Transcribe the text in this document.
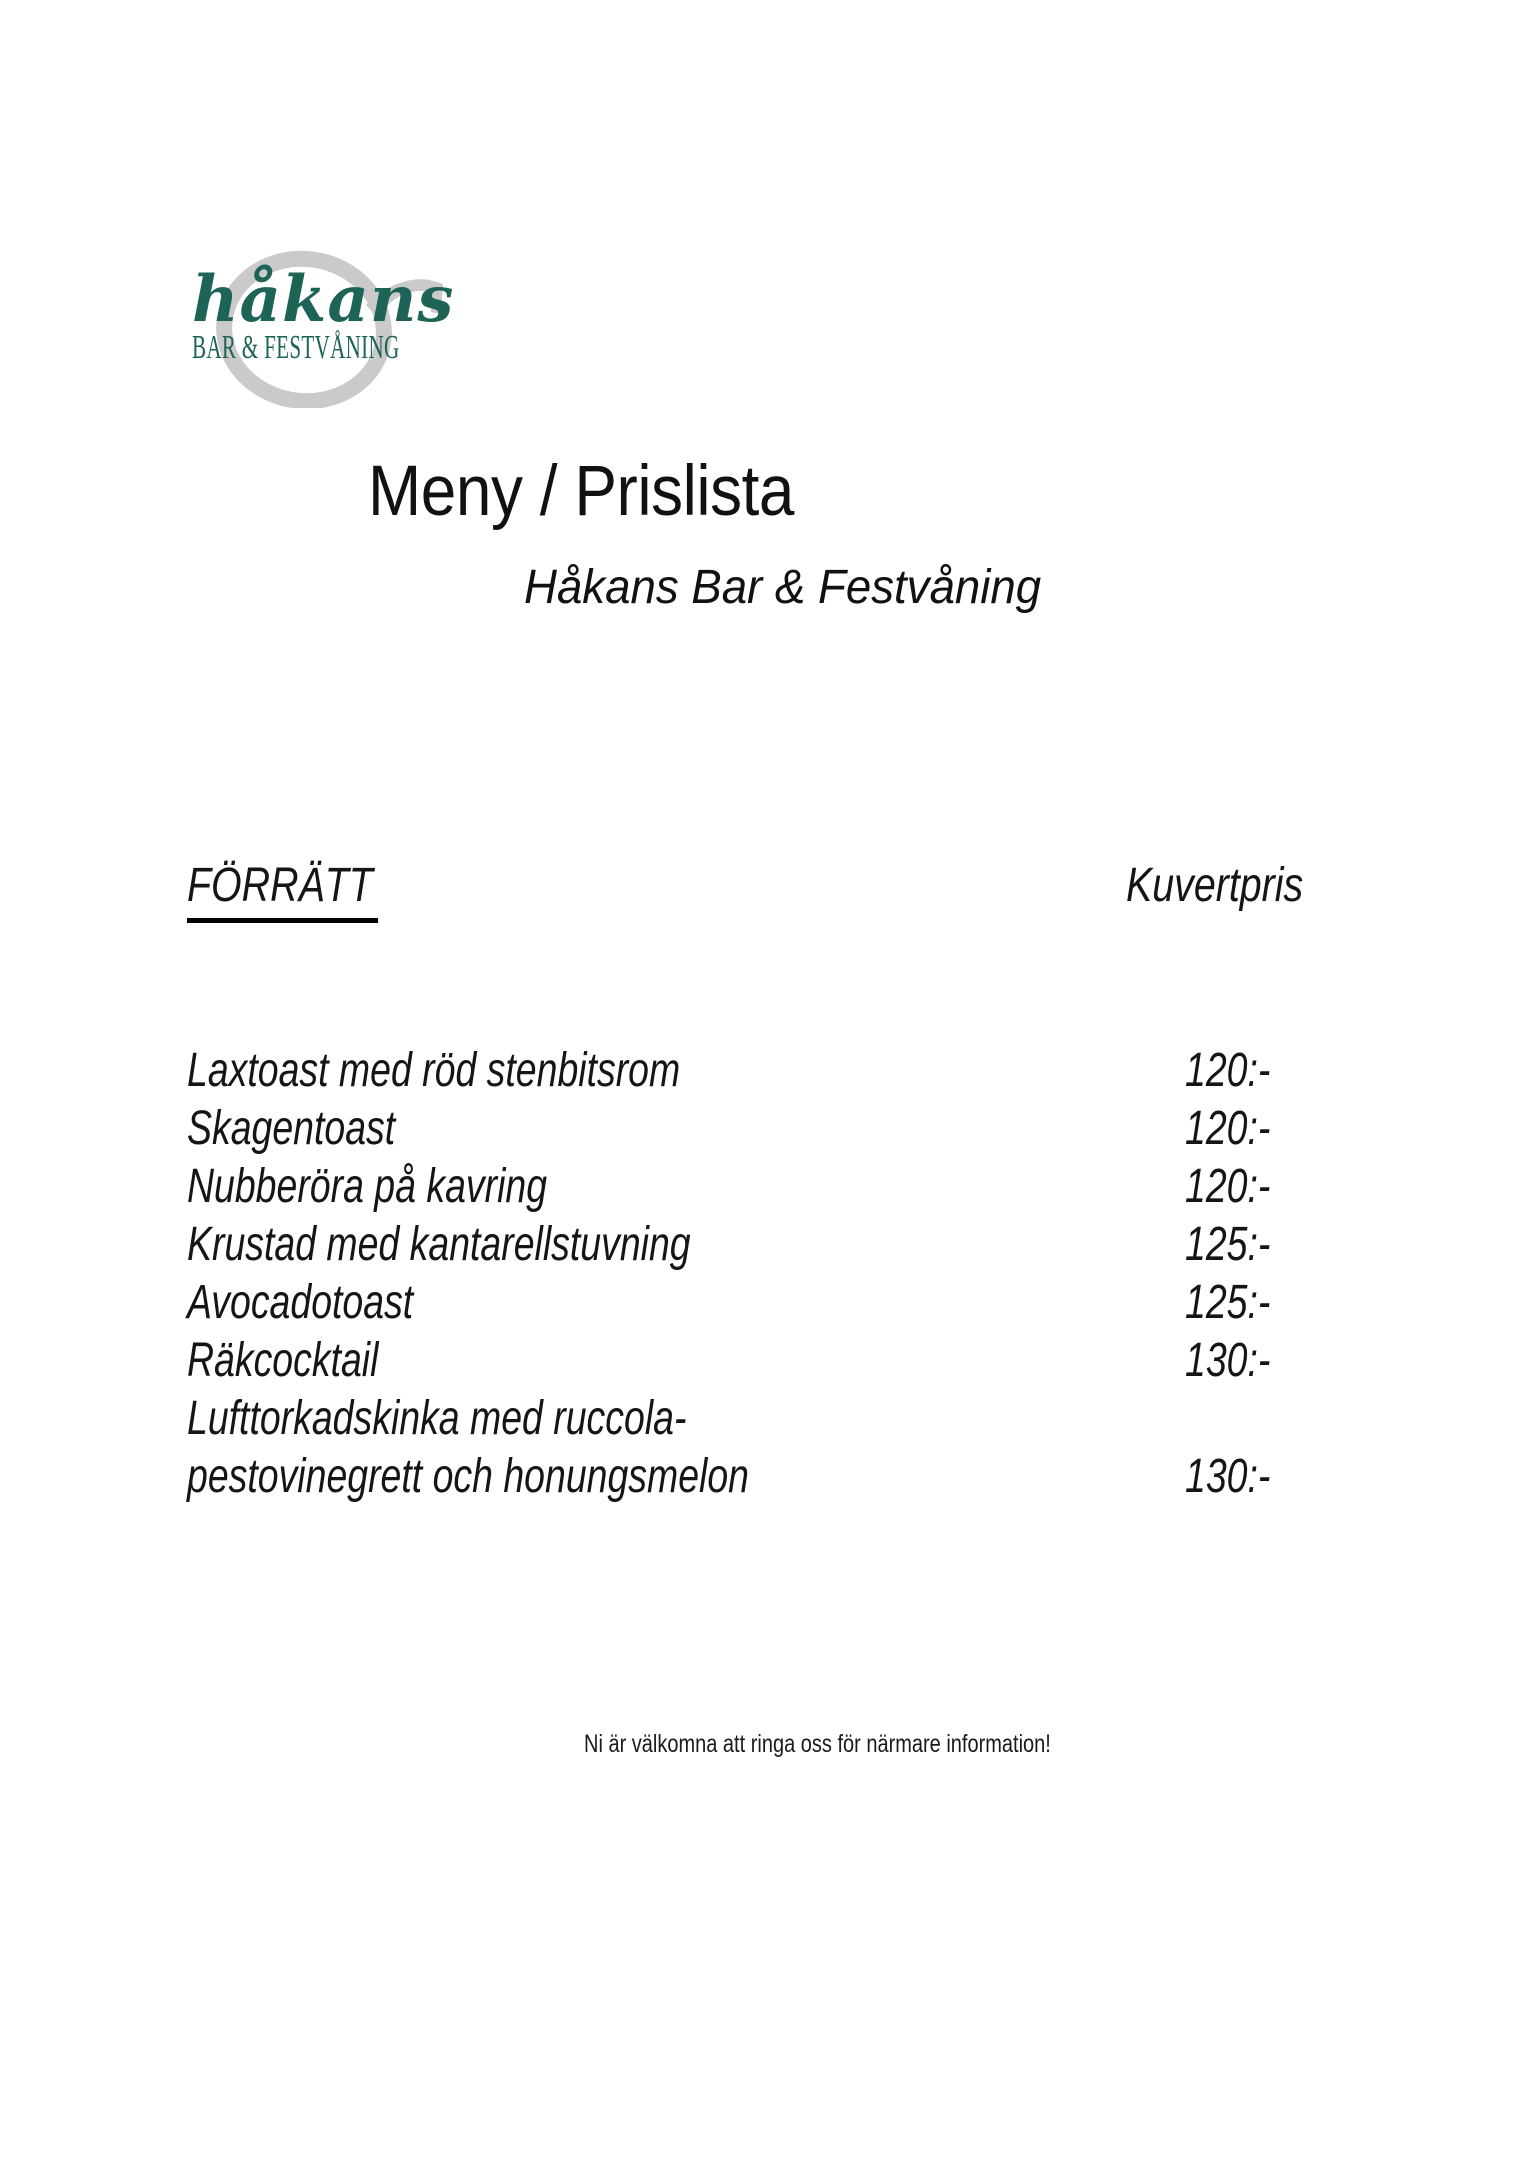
håkans
BAR & FESTVÅNING
Meny / Prislista
Håkans Bar & Festvåning
FÖRRÄTT	Kuvertpris
Laxtoast med röd stenbitsrom	120:-
Skagentoast	120:-
Nubberöra på kavring	120:-
Krustad med kantarellstuvning	125:-
Avocadotoast	125:-
Räkcocktail	130:-
Lufttorkadskinka med ruccola-
pestovinegrett och honungsmelon	130:-
Ni är välkomna att ringa oss för närmare information!
